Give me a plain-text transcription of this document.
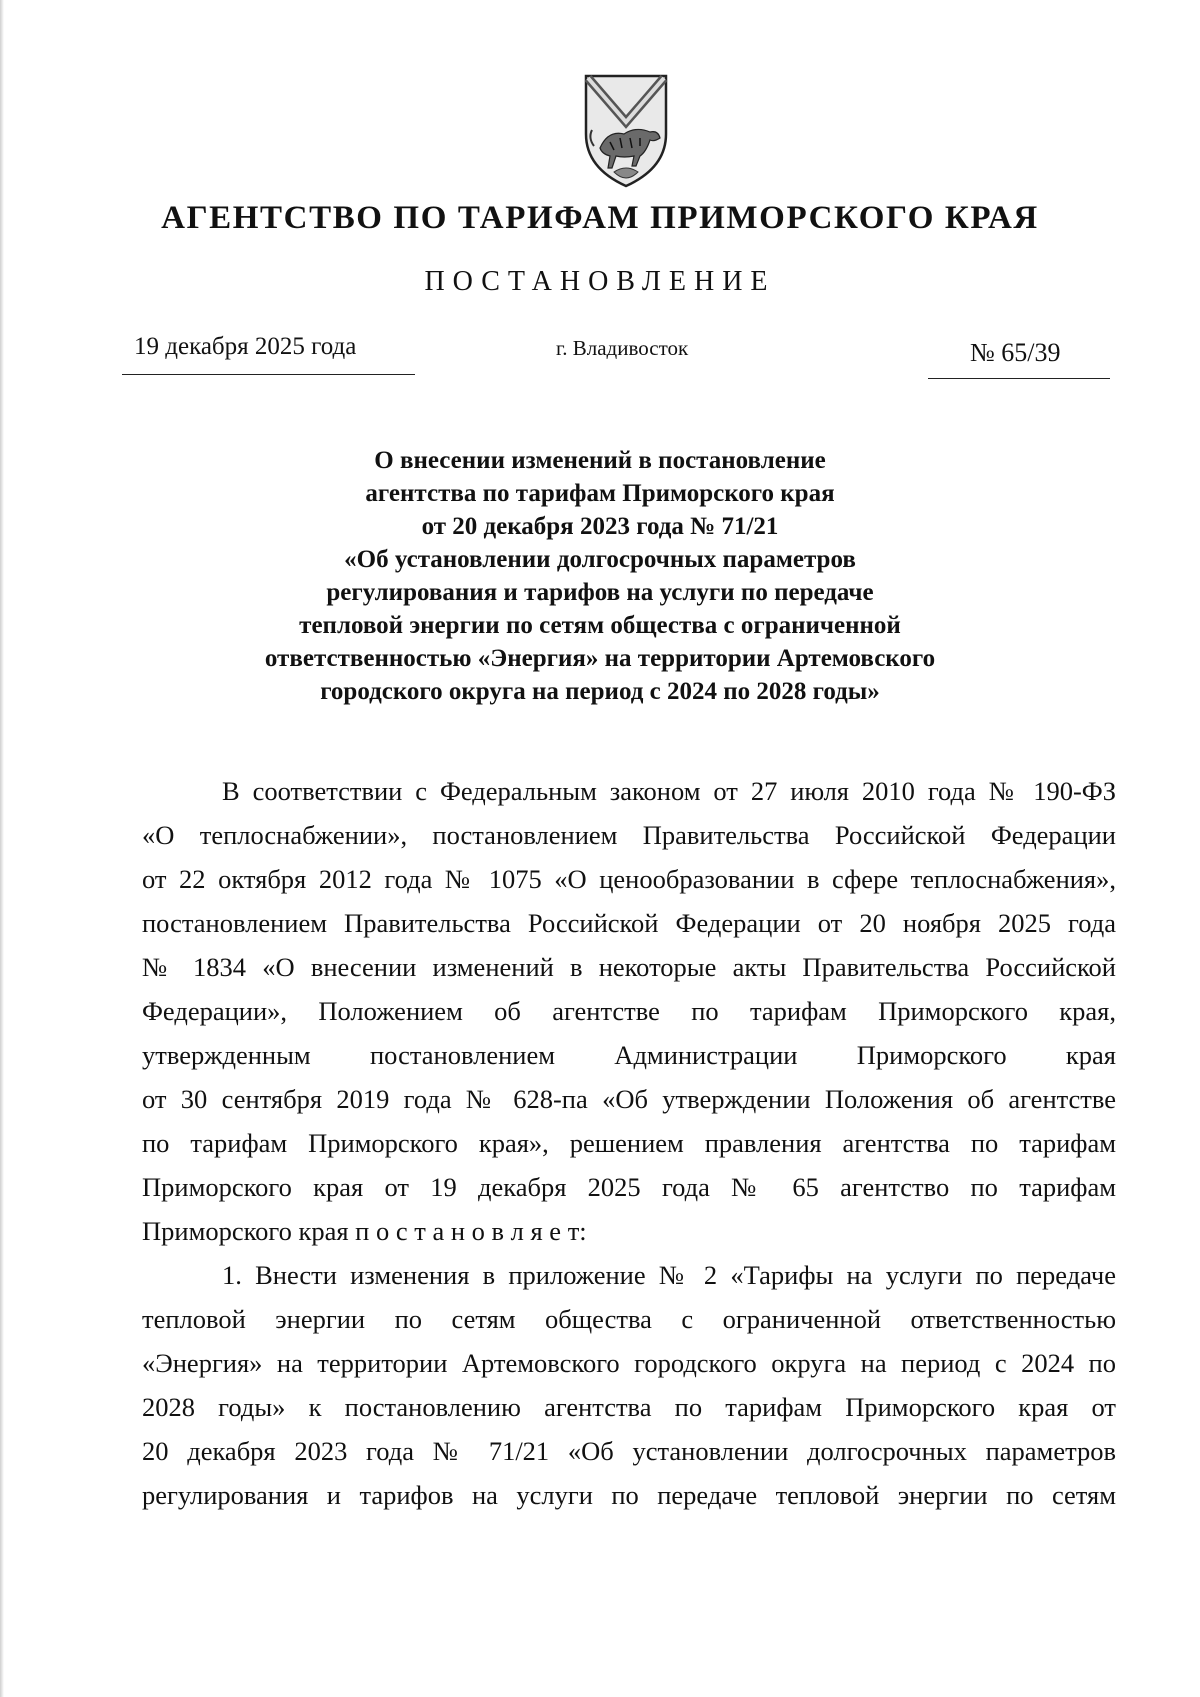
АГЕНТСТВО ПО ТАРИФАМ ПРИМОРСКОГО КРАЯ
ПОСТАНОВЛЕНИЕ
19 декабря 2025 года	г. Владивосток	№ 65/39
О внесении изменений в постановление
агентства по тарифам Приморского края
от 20 декабря 2023 года № 71/21
«Об установлении долгосрочных параметров
регулирования и тарифов на услуги по передаче
тепловой энергии по сетям общества с ограниченной
ответственностью «Энергия» на территории Артемовского
городского округа на период с 2024 по 2028 годы»
В соответствии с Федеральным законом от 27 июля 2010 года № 190-ФЗ
«О теплоснабжении», постановлением Правительства Российской Федерации
от 22 октября 2012 года № 1075 «О ценообразовании в сфере теплоснабжения»,
постановлением Правительства Российской Федерации от 20 ноября 2025 года
№ 1834 «О внесении изменений в некоторые акты Правительства Российской
Федерации», Положением об агентстве по тарифам Приморского края,
утвержденным постановлением Администрации Приморского края
от 30 сентября 2019 года № 628-па «Об утверждении Положения об агентстве
по тарифам Приморского края», решением правления агентства по тарифам
Приморского края от 19 декабря 2025 года № 65 агентство по тарифам
Приморского края п о с т а н о в л я е т:
1. Внести изменения в приложение № 2 «Тарифы на услуги по передаче
тепловой энергии по сетям общества с ограниченной ответственностью
«Энергия» на территории Артемовского городского округа на период с 2024 по
2028 годы» к постановлению агентства по тарифам Приморского края от
20 декабря 2023 года № 71/21 «Об установлении долгосрочных параметров
регулирования и тарифов на услуги по передаче тепловой энергии по сетям
